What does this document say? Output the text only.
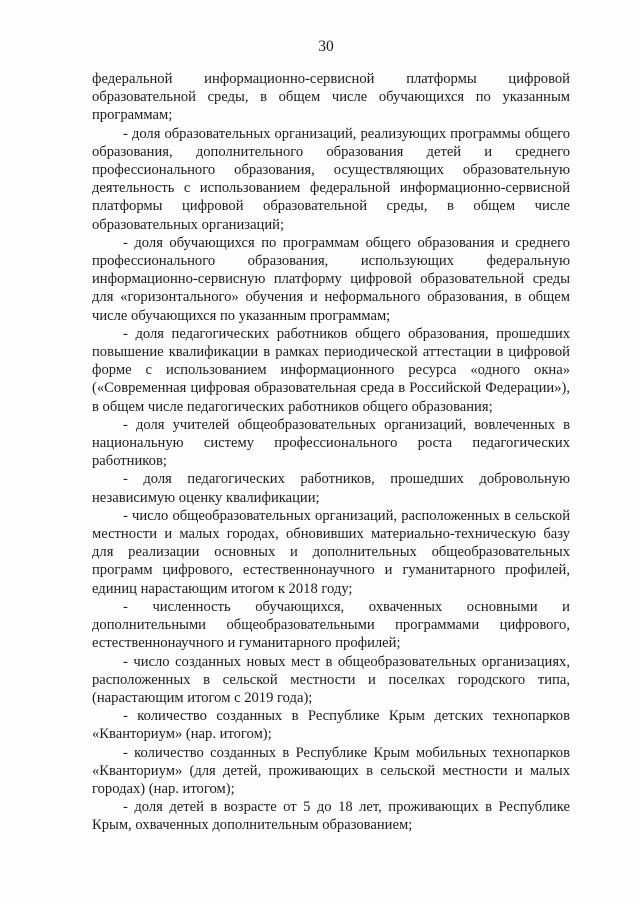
30

федеральной информационно-сервисной платформы цифровой образовательной среды, в общем числе обучающихся по указанным программам;

- доля образовательных организаций, реализующих программы общего образования, дополнительного образования детей и среднего профессионального образования, осуществляющих образовательную деятельность с использованием федеральной информационно-сервисной платформы цифровой образовательной среды, в общем числе образовательных организаций;

- доля обучающихся по программам общего образования и среднего профессионального образования, использующих федеральную информационно-сервисную платформу цифровой образовательной среды для «горизонтального» обучения и неформального образования, в общем числе обучающихся по указанным программам;

- доля педагогических работников общего образования, прошедших повышение квалификации в рамках периодической аттестации в цифровой форме с использованием информационного ресурса «одного окна» («Современная цифровая образовательная среда в Российской Федерации»), в общем числе педагогических работников общего образования;

- доля учителей общеобразовательных организаций, вовлеченных в национальную систему профессионального роста педагогических работников;

- доля педагогических работников, прошедших добровольную независимую оценку квалификации;

- число общеобразовательных организаций, расположенных в сельской местности и малых городах, обновивших материально-техническую базу для реализации основных и дополнительных общеобразовательных программ цифрового, естественнонаучного и гуманитарного профилей, единиц нарастающим итогом к 2018 году;

- численность обучающихся, охваченных основными и дополнительными общеобразовательными программами цифрового, естественнонаучного и гуманитарного профилей;

- число созданных новых мест в общеобразовательных организациях, расположенных в сельской местности и поселках городского типа, (нарастающим итогом с 2019 года);

- количество созданных в Республике Крым детских технопарков «Кванториум» (нар. итогом);

- количество созданных в Республике Крым мобильных технопарков «Кванториум» (для детей, проживающих в сельской местности и малых городах) (нар. итогом);

- доля детей в возрасте от 5 до 18 лет, проживающих в Республике Крым, охваченных дополнительным образованием;
